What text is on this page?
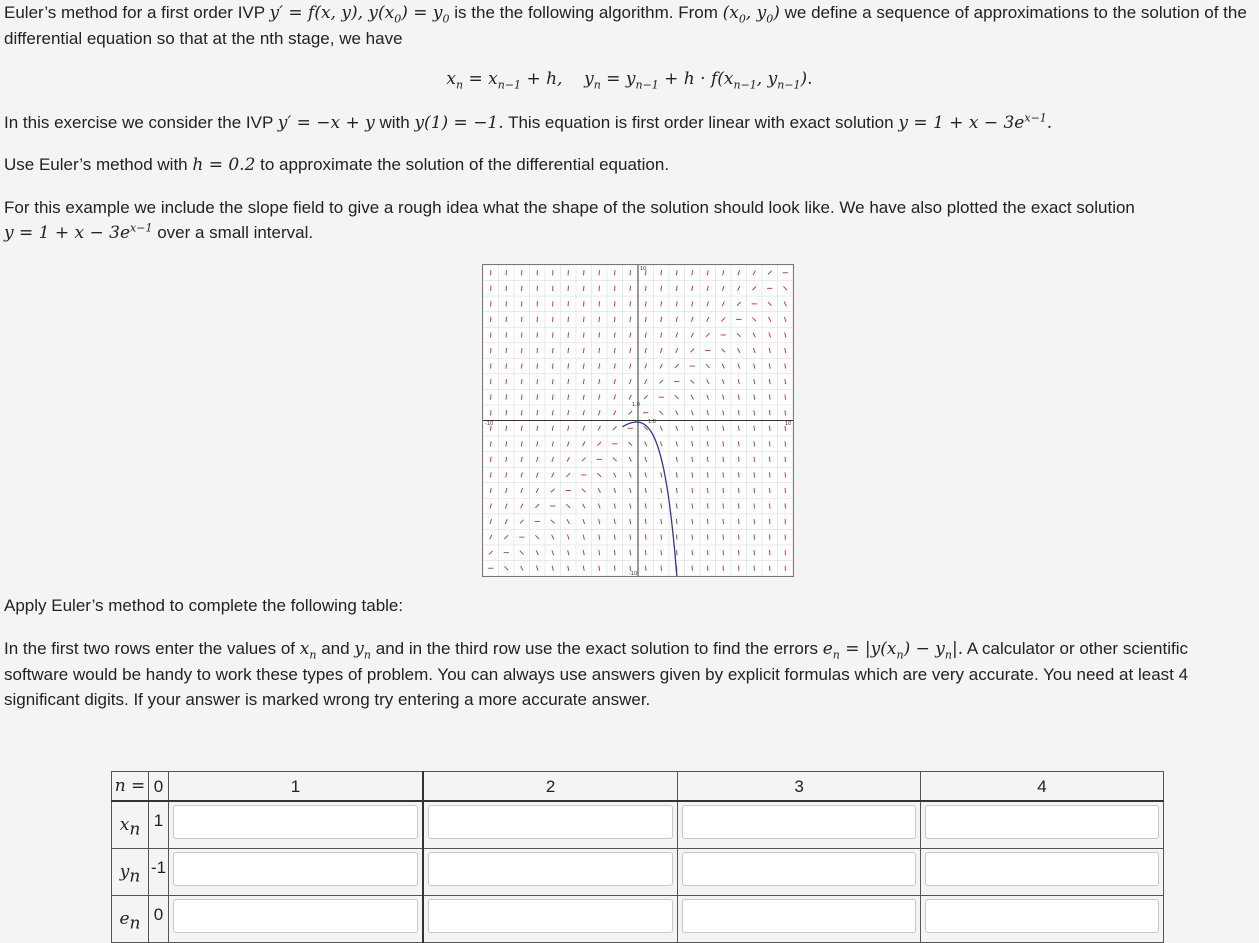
Euler’s method for a first order IVP y′ = f(x, y), $y(x_0) = y_0$ is the the following algorithm. From ($x_0$, $y_0$) we define a sequence of approximations to the solution of the differential equation so that at the nth stage, we have

$x_n = x_{n-1} + h$, $y_n = y_{n-1} + h \cdot f(x_{n-1}$, $y_{n-1}$).

In this exercise we consider the IVP y′ = −x + y with y(1) = −1. This equation is first order linear with exact solution $y = 1 + x - 3e^{x-1}$.

Use Euler’s method with h = 0.2 to approximate the solution of the differential equation.

For this example we include the slope field to give a rough idea what the shape of the solution should look like. We have also plotted the exact solution
$y = 1 + x - 3e^{x-1}$ over a small interval.

-10	10
10
-10
1.0
1.0

Apply Euler’s method to complete the following table:

In the first two rows enter the values of $x_n$ and $y_n$ and in the third row use the exact solution to find the errors $e_n = |y(x_n) - y_n|$. A calculator or other scientific software would be handy to work these types of problem. You can always use answers given by explicit formulas which are very accurate. You need at least 4 significant digits. If your answer is marked wrong try entering a more accurate answer.

n =	0	1	2	3	4
$x_n$	1	

$y_n$	-1	

$e_n$	0	
